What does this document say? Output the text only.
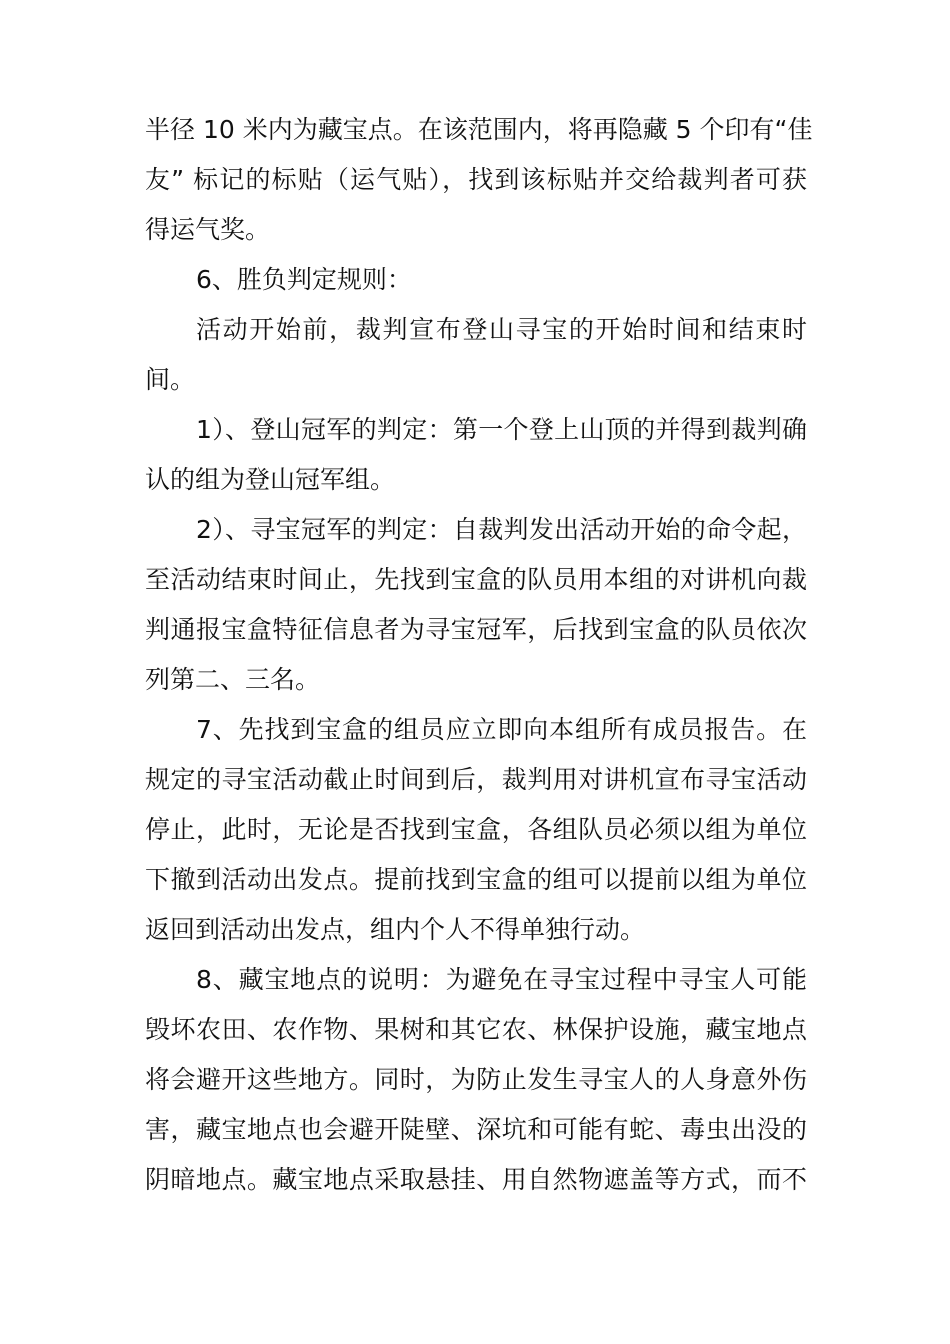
半径 10 米内为藏宝点。在该范围内，将再隐藏 5 个印有“佳
友” 标记的标贴（运气贴），找到该标贴并交给裁判者可获
得运气奖。
6、胜负判定规则：
活动开始前，裁判宣布登山寻宝的开始时间和结束时
间。
1）、登山冠军的判定：第一个登上山顶的并得到裁判确
认的组为登山冠军组。
2）、寻宝冠军的判定：自裁判发出活动开始的命令起，
至活动结束时间止，先找到宝盒的队员用本组的对讲机向裁
判通报宝盒特征信息者为寻宝冠军，后找到宝盒的队员依次
列第二、三名。
7、先找到宝盒的组员应立即向本组所有成员报告。在
规定的寻宝活动截止时间到后，裁判用对讲机宣布寻宝活动
停止，此时，无论是否找到宝盒，各组队员必须以组为单位
下撤到活动出发点。提前找到宝盒的组可以提前以组为单位
返回到活动出发点，组内个人不得单独行动。
8、藏宝地点的说明：为避免在寻宝过程中寻宝人可能
毁坏农田、农作物、果树和其它农、林保护设施，藏宝地点
将会避开这些地方。同时，为防止发生寻宝人的人身意外伤
害，藏宝地点也会避开陡壁、深坑和可能有蛇、毒虫出没的
阴暗地点。藏宝地点采取悬挂、用自然物遮盖等方式，而不
